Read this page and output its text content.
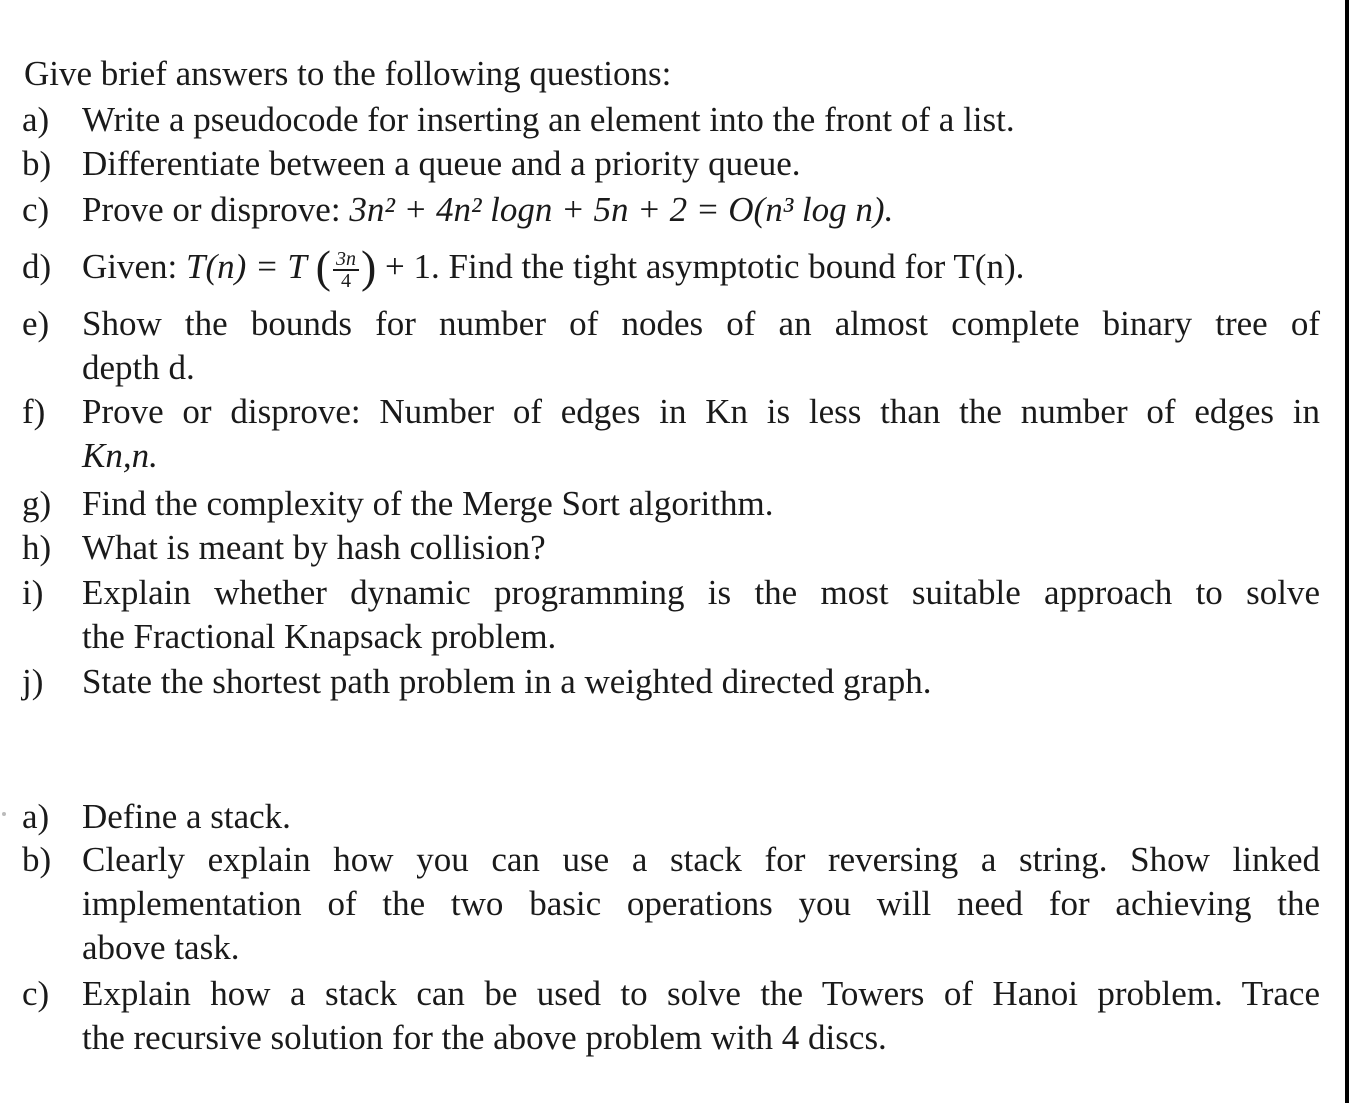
Give brief answers to the following questions:
a) Write a pseudocode for inserting an element into the front of a list.
b) Differentiate between a queue and a priority queue.
c) Prove or disprove: 3n² + 4n² logn + 5n + 2 = O(n³ log n).
d) Given: T(n) = T ( $\frac{3n}{4}$ ) + 1. Find the tight asymptotic bound for T(n).
e) Show the bounds for number of nodes of an almost complete binary tree of
depth d.
f)	Prove or disprove: Number of edges in Kn is less than the number of edges in
Kn,n.
g) Find the complexity of the Merge Sort algorithm.
h) What is meant by hash collision?
i)	Explain whether dynamic programming is the most suitable approach to solve
the Fractional Knapsack problem.
j)	State the shortest path problem in a weighted directed graph.
a) Define a stack.
b) Clearly explain how you can use a stack for reversing a string. Show linked
implementation of the two basic operations you will need for achieving the
above task.
c) Explain how a stack can be used to solve the Towers of Hanoi problem. Trace
the recursive solution for the above problem with 4 discs.
